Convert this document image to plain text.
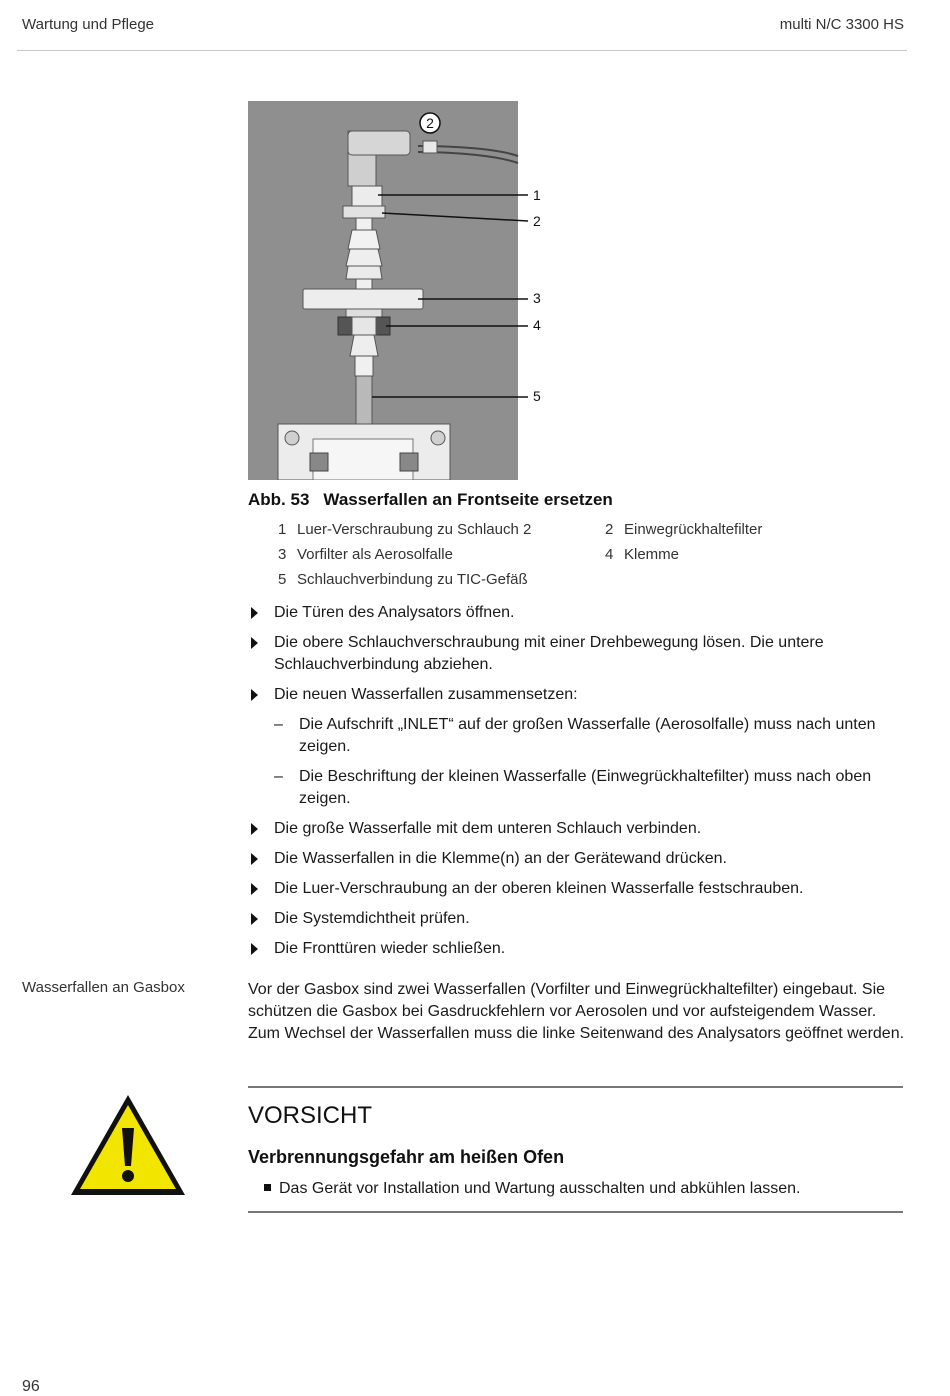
Wartung und Pflege	multi N/C 3300 HS
2
1
2
3
4
5
Abb. 53 Wasserfallen an Frontseite ersetzen
1 Luer-Verschraubung zu Schlauch 2	2 Einwegrückhaltefilter
3 Vorfilter als Aerosolfalle	4 Klemme
5 Schlauchverbindung zu TIC-Gefäß
Die Türen des Analysators öffnen.
Die obere Schlauchverschraubung mit einer Drehbewegung lösen. Die untere Schlauchverbindung abziehen.
Die neuen Wasserfallen zusammensetzen:
– Die Aufschrift „INLET“ auf der großen Wasserfalle (Aerosolfalle) muss nach unten zeigen.
– Die Beschriftung der kleinen Wasserfalle (Einwegrückhaltefilter) muss nach oben zeigen.
Die große Wasserfalle mit dem unteren Schlauch verbinden.
Die Wasserfallen in die Klemme(n) an der Gerätewand drücken.
Die Luer-Verschraubung an der oberen kleinen Wasserfalle festschrauben.
Die Systemdichtheit prüfen.
Die Fronttüren wieder schließen.
Wasserfallen an Gasbox	Vor der Gasbox sind zwei Wasserfallen (Vorfilter und Einwegrückhaltefilter) eingebaut. Sie schützen die Gasbox bei Gasdruckfehlern vor Aerosolen und vor aufsteigendem Wasser. Zum Wechsel der Wasserfallen muss die linke Seitenwand des Analysators geöffnet werden.
VORSICHT
Verbrennungsgefahr am heißen Ofen
Das Gerät vor Installation und Wartung ausschalten und abkühlen lassen.
96
